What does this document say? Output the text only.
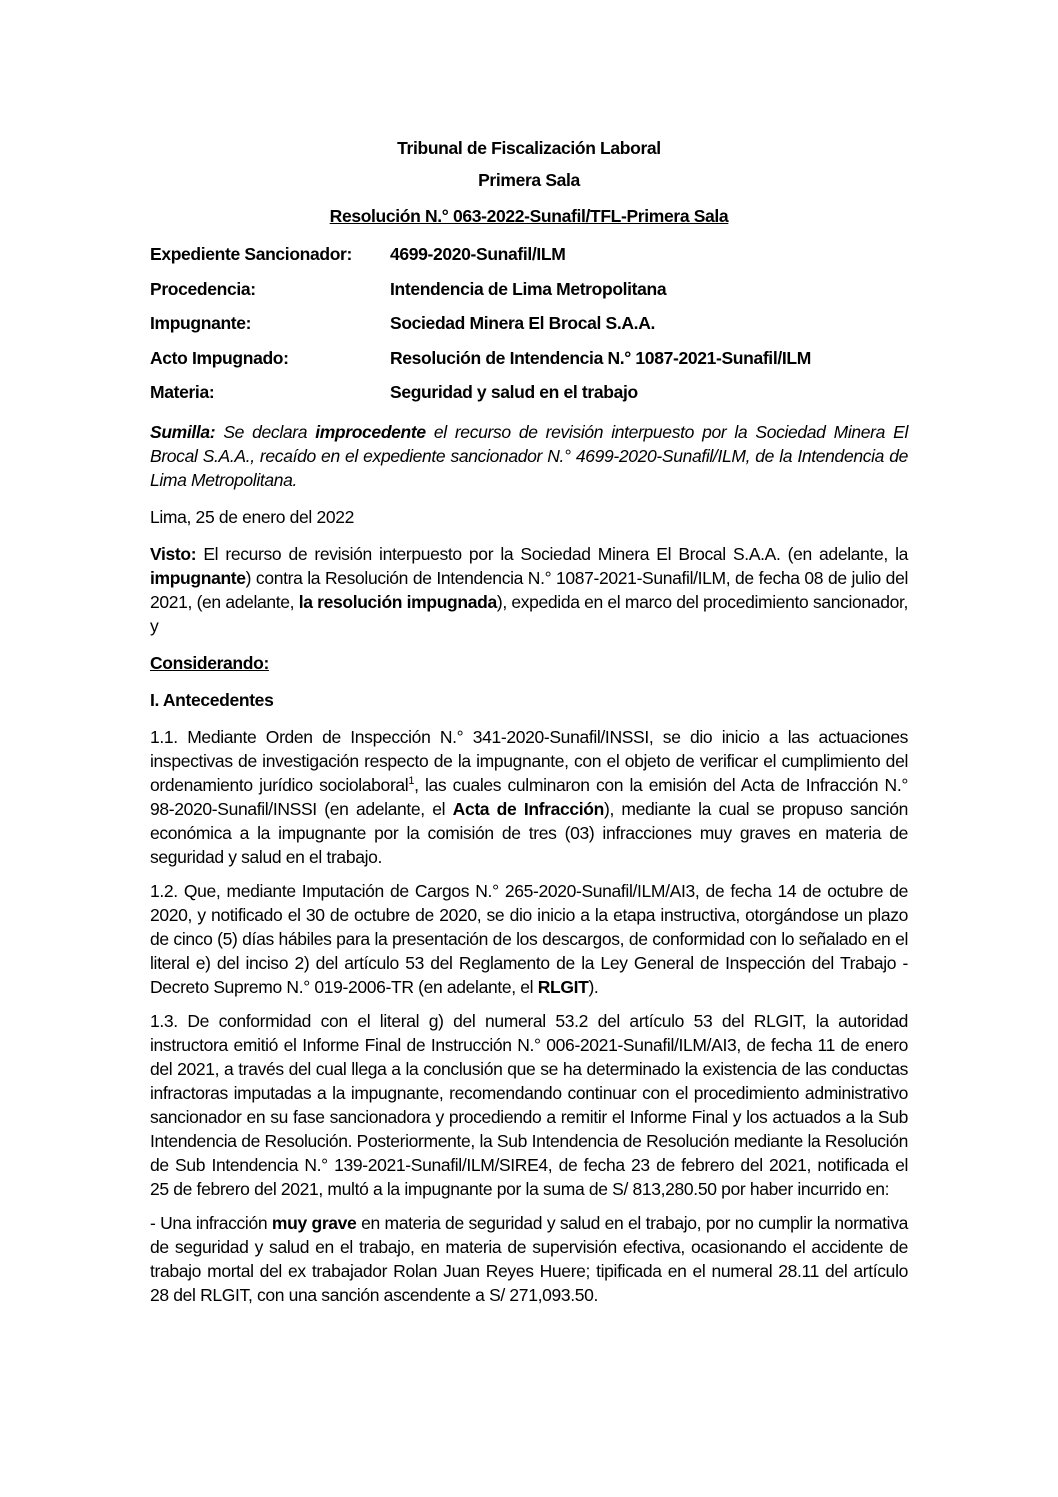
Tribunal de Fiscalización Laboral
Primera Sala
Resolución N.° 063-2022-Sunafil/TFL-Primera Sala
Expediente Sancionador:	4699-2020-Sunafil/ILM
Procedencia:	Intendencia de Lima Metropolitana
Impugnante:	Sociedad Minera El Brocal S.A.A.
Acto Impugnado:	Resolución de Intendencia N.° 1087-2021-Sunafil/ILM
Materia:	Seguridad y salud en el trabajo

Sumilla: Se declara improcedente el recurso de revisión interpuesto por la Sociedad Minera El Brocal S.A.A., recaído en el expediente sancionador N.° 4699-2020-Sunafil/ILM, de la Intendencia de Lima Metropolitana.

Lima, 25 de enero del 2022

Visto: El recurso de revisión interpuesto por la Sociedad Minera El Brocal S.A.A. (en adelante, la impugnante) contra la Resolución de Intendencia N.° 1087-2021-Sunafil/ILM, de fecha 08 de julio del 2021, (en adelante, la resolución impugnada), expedida en el marco del procedimiento sancionador, y

Considerando:

I. Antecedentes

1.1. Mediante Orden de Inspección N.° 341-2020-Sunafil/INSSI, se dio inicio a las actuaciones inspectivas de investigación respecto de la impugnante, con el objeto de verificar el cumplimiento del ordenamiento jurídico sociolaboral$^1$, las cuales culminaron con la emisión del Acta de Infracción N.° 98-2020-Sunafil/INSSI (en adelante, el Acta de Infracción), mediante la cual se propuso sanción económica a la impugnante por la comisión de tres (03) infracciones muy graves en materia de seguridad y salud en el trabajo.

1.2. Que, mediante Imputación de Cargos N.° 265-2020-Sunafil/ILM/AI3, de fecha 14 de octubre de 2020, y notificado el 30 de octubre de 2020, se dio inicio a la etapa instructiva, otorgándose un plazo de cinco (5) días hábiles para la presentación de los descargos, de conformidad con lo señalado en el literal e) del inciso 2) del artículo 53 del Reglamento de la Ley General de Inspección del Trabajo - Decreto Supremo N.° 019-2006-TR (en adelante, el RLGIT).

1.3. De conformidad con el literal g) del numeral 53.2 del artículo 53 del RLGIT, la autoridad instructora emitió el Informe Final de Instrucción N.° 006-2021-Sunafil/ILM/AI3, de fecha 11 de enero del 2021, a través del cual llega a la conclusión que se ha determinado la existencia de las conductas infractoras imputadas a la impugnante, recomendando continuar con el procedimiento administrativo sancionador en su fase sancionadora y procediendo a remitir el Informe Final y los actuados a la Sub Intendencia de Resolución. Posteriormente, la Sub Intendencia de Resolución mediante la Resolución de Sub Intendencia N.° 139-2021-Sunafil/ILM/SIRE4, de fecha 23 de febrero del 2021, notificada el 25 de febrero del 2021, multó a la impugnante por la suma de S/ 813,280.50 por haber incurrido en:

- Una infracción muy grave en materia de seguridad y salud en el trabajo, por no cumplir la normativa de seguridad y salud en el trabajo, en materia de supervisión efectiva, ocasionando el accidente de trabajo mortal del ex trabajador Rolan Juan Reyes Huere; tipificada en el numeral 28.11 del artículo 28 del RLGIT, con una sanción ascendente a S/ 271,093.50.
